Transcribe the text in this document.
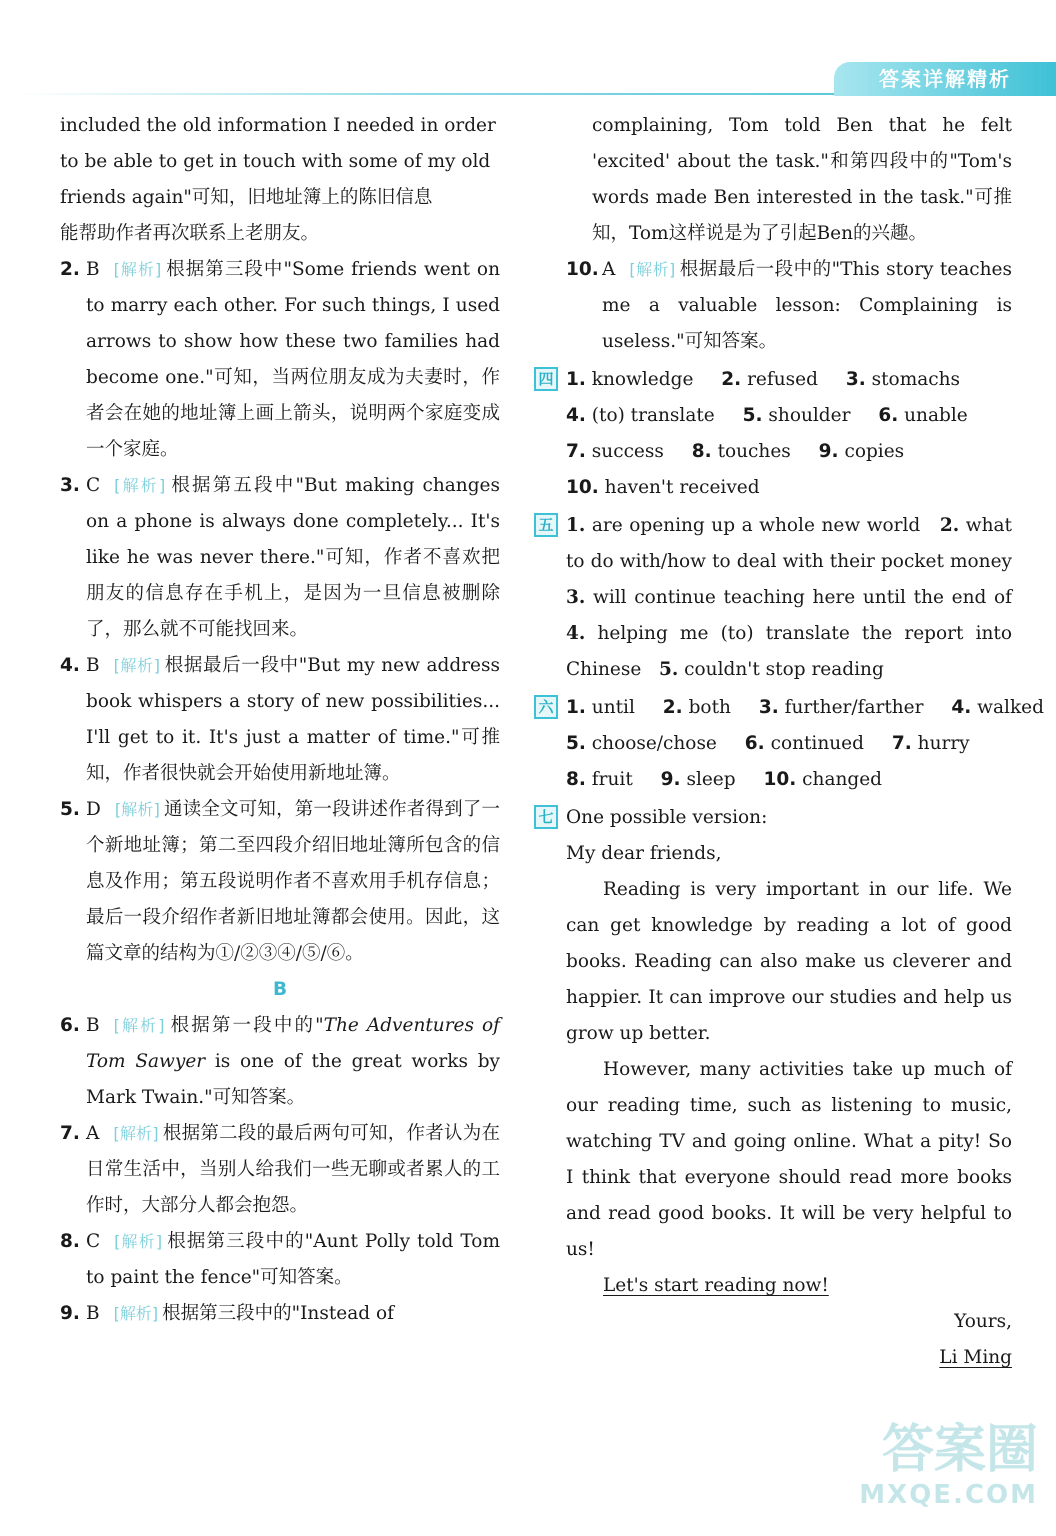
答案详解精析
included the old information I needed in order
to be able to get in touch with some of my old
friends again"可知，旧地址簿上的陈旧信息
能帮助作者再次联系上老朋友。
2. B [解析] 根据第三段中"Some friends went on to marry each other. For such things, I used arrows to show how these two families had become one."可知，当两位朋友成为夫妻时，作者会在她的地址簿上画上箭头，说明两个家庭变成一个家庭。
3. C [解析] 根据第五段中"But making changes on a phone is always done completely... It's like he was never there."可知，作者不喜欢把朋友的信息存在手机上，是因为一旦信息被删除了，那么就不可能找回来。
4. B [解析] 根据最后一段中"But my new address book whispers a story of new possibilities... I'll get to it. It's just a matter of time."可推知，作者很快就会开始使用新地址簿。
5. D [解析] 通读全文可知，第一段讲述作者得到了一个新地址簿；第二至四段介绍旧地址簿所包含的信息及作用；第五段说明作者不喜欢用手机存信息；最后一段介绍作者新旧地址簿都会使用。因此，这篇文章的结构为①/②③④/⑤/⑥。
B
6. B [解析] 根据第一段中的"The Adventures of Tom Sawyer is one of the great works by Mark Twain."可知答案。
7. A [解析] 根据第二段的最后两句可知，作者认为在日常生活中，当别人给我们一些无聊或者累人的工作时，大部分人都会抱怨。
8. C [解析] 根据第三段中的"Aunt Polly told Tom to paint the fence"可知答案。
9. B [解析] 根据第三段中的"Instead of
complaining, Tom told Ben that he felt 'excited' about the task."和第四段中的"Tom's words made Ben interested in the task."可推知，Tom这样说是为了引起Ben的兴趣。
10. A [解析] 根据最后一段中的"This story teaches me a valuable lesson: Complaining is useless."可知答案。
四 1. knowledge 2. refused 3. stomachs
4. (to) translate 5. shoulder 6. unable
7. success 8. touches 9. copies
10. haven't received
五 1. are opening up a whole new world 2. what to do with/how to deal with their pocket money 3. will continue teaching here until the end of 4. helping me (to) translate the report into Chinese 5. couldn't stop reading
六 1. until 2. both 3. further/farther 4. walked
5. choose/chose 6. continued 7. hurry
8. fruit 9. sleep 10. changed
七 One possible version:
My dear friends,
Reading is very important in our life. We can get knowledge by reading a lot of good books. Reading can also make us cleverer and happier. It can improve our studies and help us grow up better.
However, many activities take up much of our reading time, such as listening to music, watching TV and going online. What a pity! So I think that everyone should read more books and read good books. It will be very helpful to us!
Let's start reading now!
Yours,
Li Ming
答案圈
MXQE.COM
